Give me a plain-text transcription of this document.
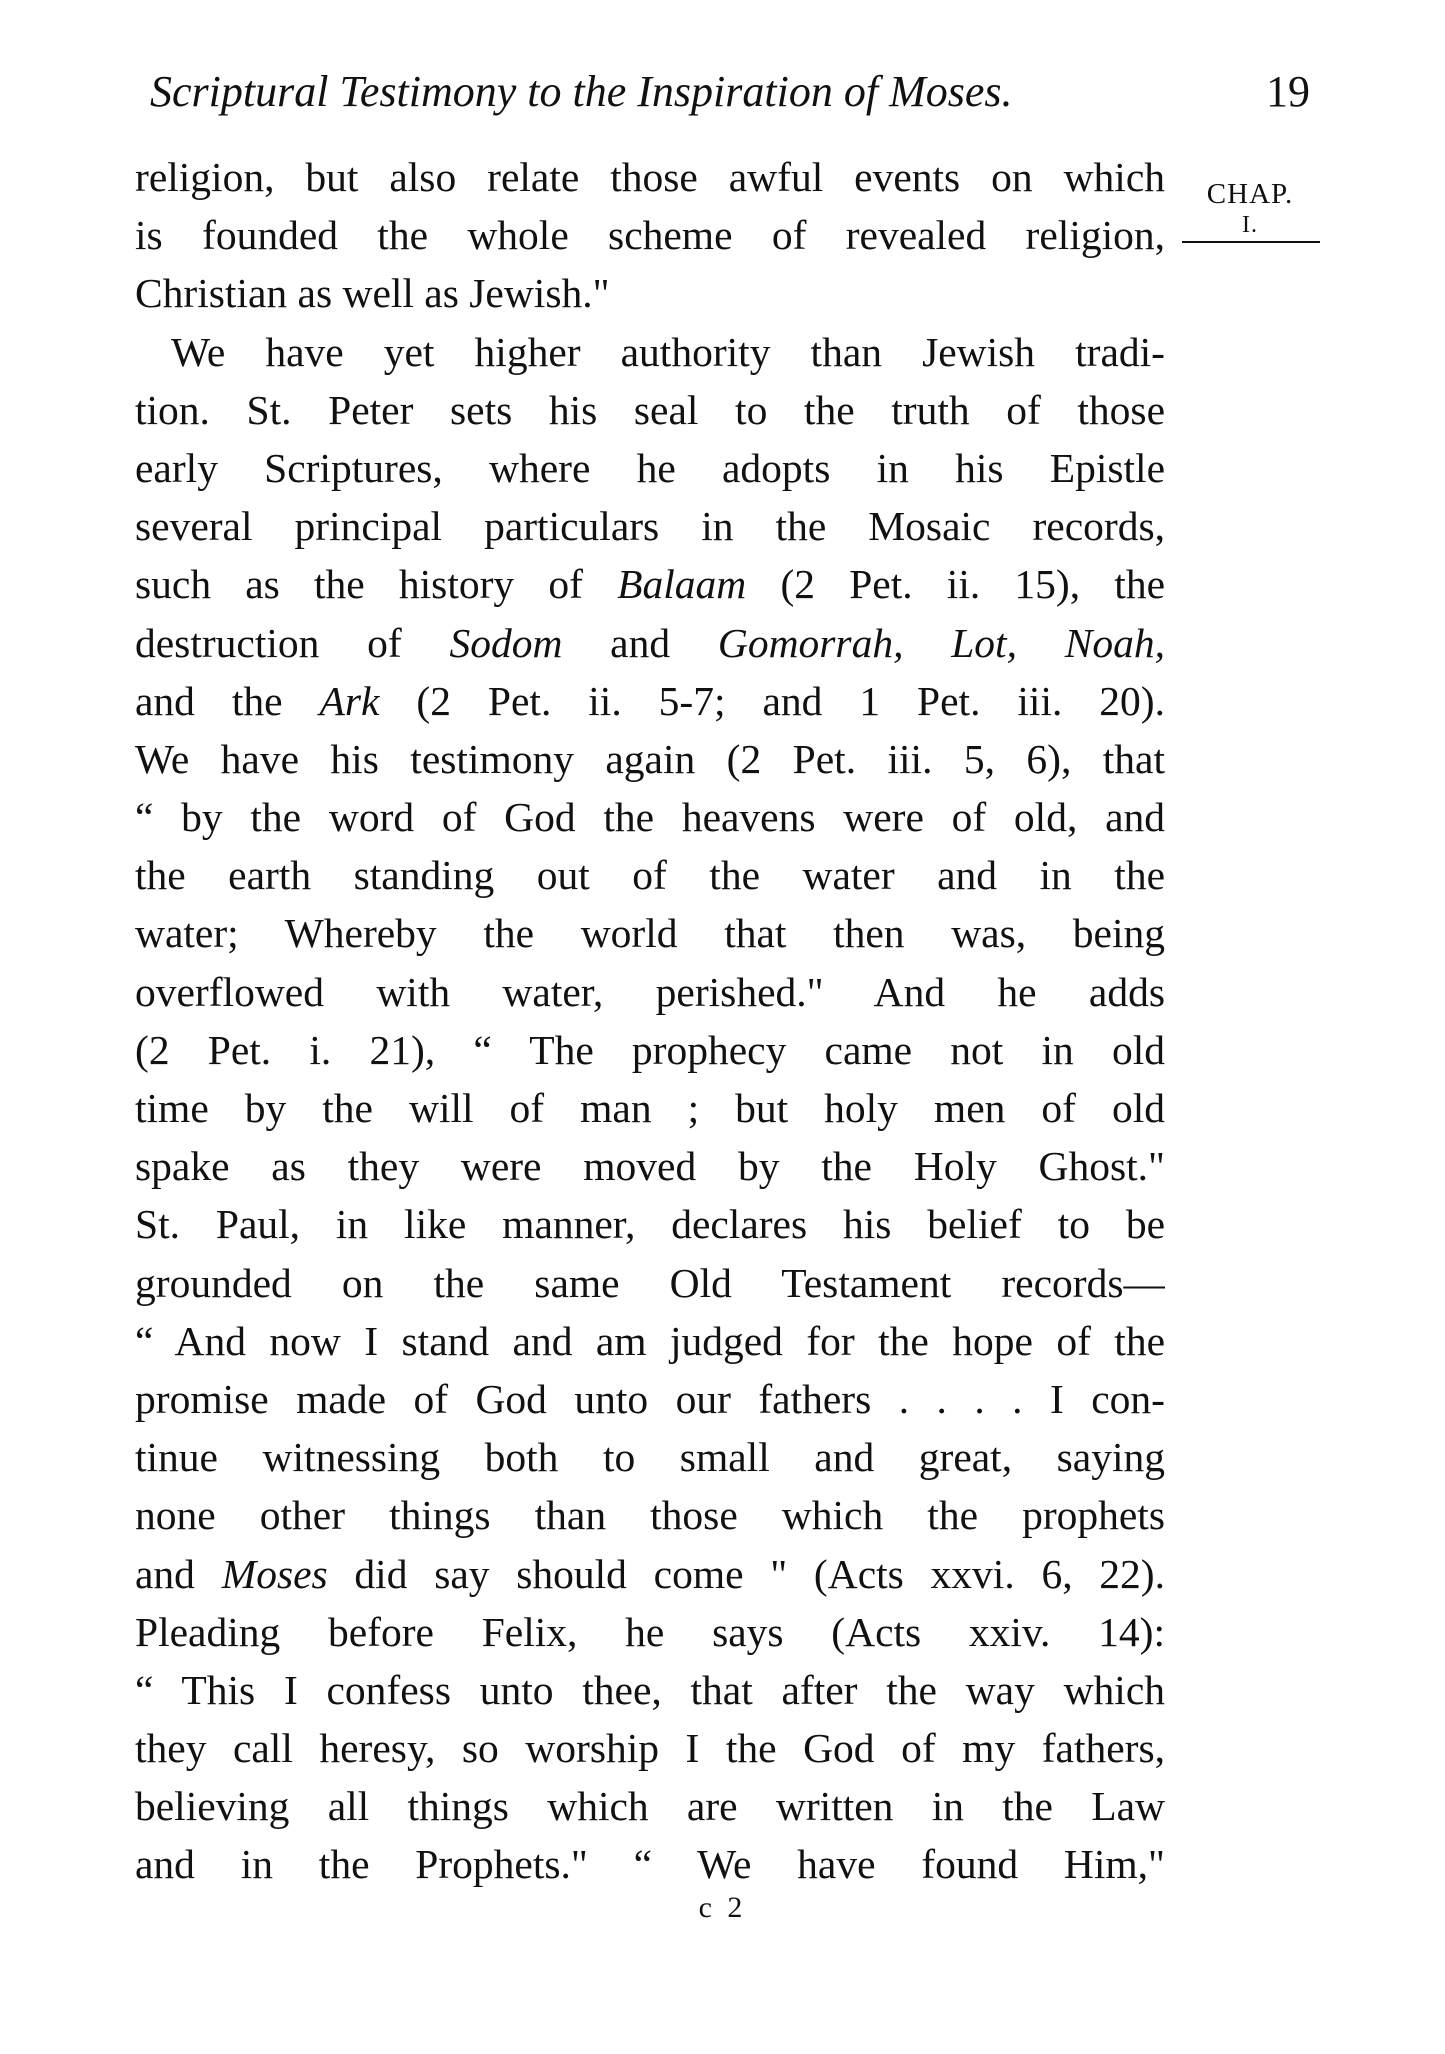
Scriptural Testimony to the Inspiration of Moses.	19
CHAP.
I.
religion, but also relate those awful events on which
is founded the whole scheme of revealed religion,
Christian as well as Jewish."
We have yet higher authority than Jewish tradi-
tion. St. Peter sets his seal to the truth of those
early Scriptures, where he adopts in his Epistle
several principal particulars in the Mosaic records,
such as the history of Balaam (2 Pet. ii. 15), the
destruction of Sodom and Gomorrah, Lot, Noah,
and the Ark (2 Pet. ii. 5-7; and 1 Pet. iii. 20).
We have his testimony again (2 Pet. iii. 5, 6), that
“ by the word of God the heavens were of old, and
the earth standing out of the water and in the
water; Whereby the world that then was, being
overflowed with water, perished." And he adds
(2 Pet. i. 21), “ The prophecy came not in old
time by the will of man ; but holy men of old
spake as they were moved by the Holy Ghost."
St. Paul, in like manner, declares his belief to be
grounded on the same Old Testament records—
“ And now I stand and am judged for the hope of the
promise made of God unto our fathers . . . . I con-
tinue witnessing both to small and great, saying
none other things than those which the prophets
and Moses did say should come " (Acts xxvi. 6, 22).
Pleading before Felix, he says (Acts xxiv. 14):
“ This I confess unto thee, that after the way which
they call heresy, so worship I the God of my fathers,
believing all things which are written in the Law
and in the Prophets." “ We have found Him,"
c 2
